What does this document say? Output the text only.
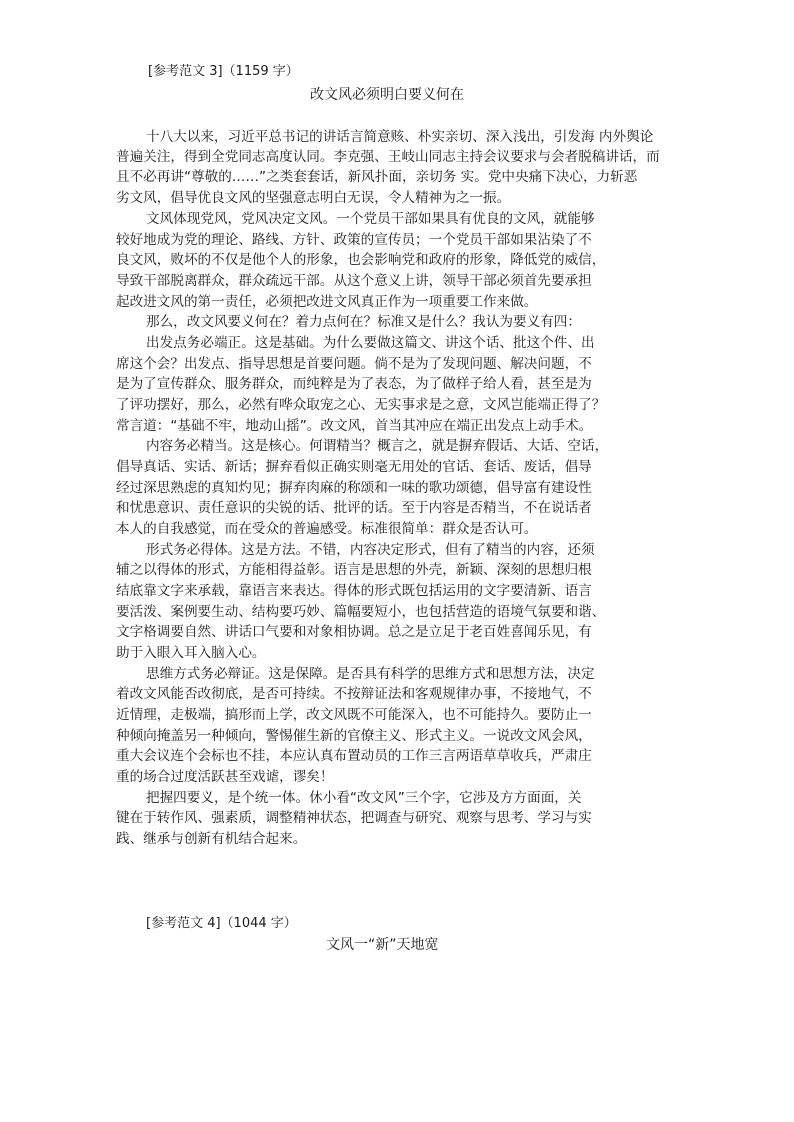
[参考范文 3]（1159 字）
改文风必须明白要义何在
十八大以来，习近平总书记的讲话言简意赅、朴实亲切、深入浅出，引发海 内外舆论
普遍关注，得到全党同志高度认同。李克强、王岐山同志主持会议要求与会者脱稿讲话，而
且不必再讲“尊敬的……”之类套套话，新风扑面，亲切务 实。党中央痛下决心，力斩恶
劣文风，倡导优良文风的坚强意志明白无误，令人精神为之一振。
文风体现党风，党风决定文风。一个党员干部如果具有优良的文风，就能够
较好地成为党的理论、路线、方针、政策的宣传员；一个党员干部如果沾染了不
良文风，败坏的不仅是他个人的形象，也会影响党和政府的形象，降低党的威信，
导致干部脱离群众，群众疏远干部。从这个意义上讲，领导干部必须首先要承担
起改进文风的第一责任，必须把改进文风真正作为一项重要工作来做。
那么，改文风要义何在？着力点何在？标准又是什么？我认为要义有四：
出发点务必端正。这是基础。为什么要做这篇文、讲这个话、批这个件、出
席这个会？出发点、指导思想是首要问题。倘不是为了发现问题、解决问题，不
是为了宣传群众、服务群众，而纯粹是为了表态，为了做样子给人看，甚至是为
了评功摆好，那么，必然有哗众取宠之心、无实事求是之意，文风岂能端正得了？
常言道：“基础不牢，地动山摇”。改文风，首当其冲应在端正出发点上动手术。
内容务必精当。这是核心。何谓精当？概言之，就是摒弃假话、大话、空话，
倡导真话、实话、新话；摒弃看似正确实则毫无用处的官话、套话、废话，倡导
经过深思熟虑的真知灼见；摒弃肉麻的称颂和一味的歌功颂德，倡导富有建设性
和忧患意识、责任意识的尖锐的话、批评的话。至于内容是否精当，不在说话者
本人的自我感觉，而在受众的普遍感受。标准很简单：群众是否认可。
形式务必得体。这是方法。不错，内容决定形式，但有了精当的内容，还须
辅之以得体的形式，方能相得益彰。语言是思想的外壳，新颖、深刻的思想归根
结底靠文字来承载，靠语言来表达。得体的形式既包括运用的文字要清新、语言
要活泼、案例要生动、结构要巧妙、篇幅要短小，也包括营造的语境气氛要和谐、
文字格调要自然、讲话口气要和对象相协调。总之是立足于老百姓喜闻乐见，有
助于入眼入耳入脑入心。
思维方式务必辩证。这是保障。是否具有科学的思维方式和思想方法，决定
着改文风能否改彻底，是否可持续。不按辩证法和客观规律办事，不接地气，不
近情理，走极端，搞形而上学，改文风既不可能深入，也不可能持久。要防止一
种倾向掩盖另一种倾向，警惕催生新的官僚主义、形式主义。一说改文风会风，
重大会议连个会标也不挂，本应认真布置动员的工作三言两语草草收兵，严肃庄
重的场合过度活跃甚至戏谑，谬矣！
把握四要义，是个统一体。休小看“改文风”三个字，它涉及方方面面，关
键在于转作风、强素质，调整精神状态，把调查与研究、观察与思考、学习与实
践、继承与创新有机结合起来。
[参考范文 4]（1044 字）
文风一“新”天地宽
